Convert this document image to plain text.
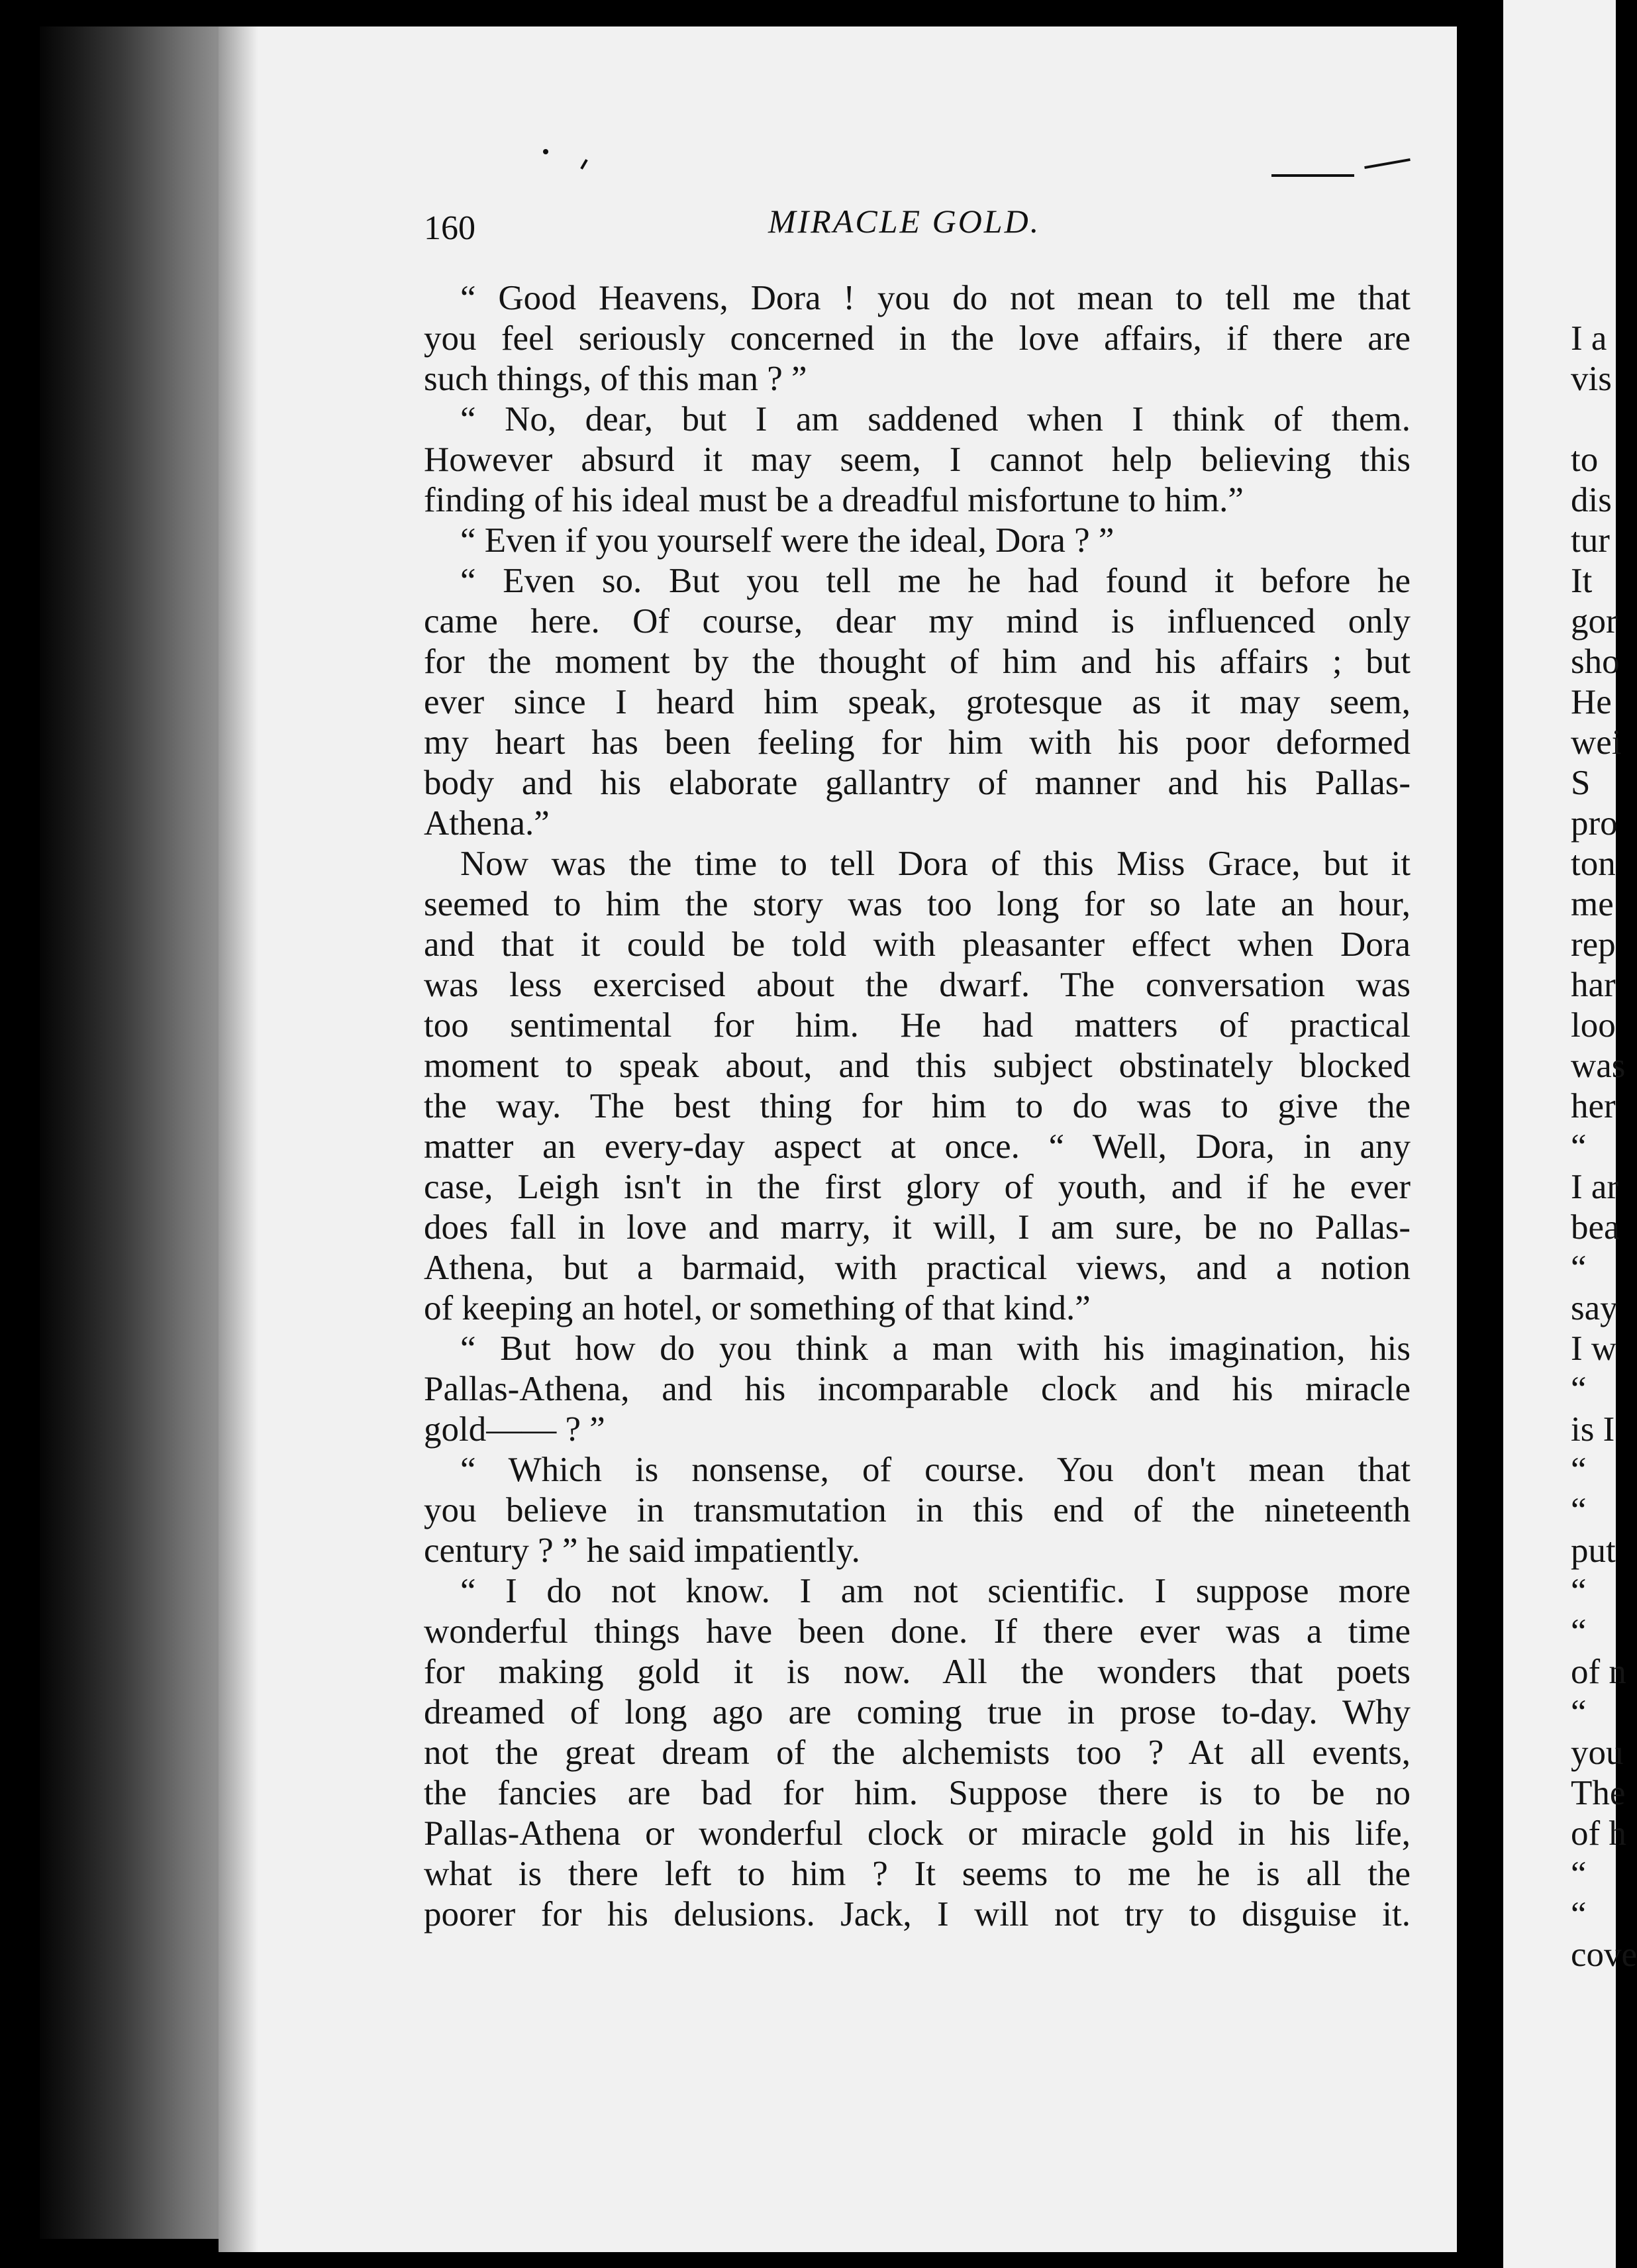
160	MIRACLE GOLD.
“ Good Heavens, Dora ! you do not mean to tell me that
you feel seriously concerned in the love affairs, if there are
such things, of this man ? ”
“ No, dear, but I am saddened when I think of them.
However absurd it may seem, I cannot help believing this
finding of his ideal must be a dreadful misfortune to him.”
“ Even if you yourself were the ideal, Dora ? ”
“ Even so. But you tell me he had found it before he
came here. Of course, dear my mind is influenced only
for the moment by the thought of him and his affairs ; but
ever since I heard him speak, grotesque as it may seem,
my heart has been feeling for him with his poor deformed
body and his elaborate gallantry of manner and his Pallas-
Athena.”
Now was the time to tell Dora of this Miss Grace, but it
seemed to him the story was too long for so late an hour,
and that it could be told with pleasanter effect when Dora
was less exercised about the dwarf. The conversation was
too sentimental for him. He had matters of practical
moment to speak about, and this subject obstinately blocked
the way. The best thing for him to do was to give the
matter an every-day aspect at once. “ Well, Dora, in any
case, Leigh isn't in the first glory of youth, and if he ever
does fall in love and marry, it will, I am sure, be no Pallas-
Athena, but a barmaid, with practical views, and a notion
of keeping an hotel, or something of that kind.”
“ But how do you think a man with his imagination, his
Pallas-Athena, and his incomparable clock and his miracle
gold—— ? ”
“ Which is nonsense, of course. You don't mean that
you believe in transmutation in this end of the nineteenth
century ? ” he said impatiently.
“ I do not know. I am not scientific. I suppose more
wonderful things have been done. If there ever was a time
for making gold it is now. All the wonders that poets
dreamed of long ago are coming true in prose to-day. Why
not the great dream of the alchemists too ? At all events,
the fancies are bad for him. Suppose there is to be no
Pallas-Athena or wonderful clock or miracle gold in his life,
what is there left to him ? It seems to me he is all the
poorer for his delusions. Jack, I will not try to disguise it.
I a
vis
to
dis
tur
It
gor
sho
He
wei
S
pro
ton
me
rep
har
loo
was
her
“
I ar
bea
“
say
I w
“
is I
“
“
put
“
“
of n
“
you
The
of h
“
“
cove
